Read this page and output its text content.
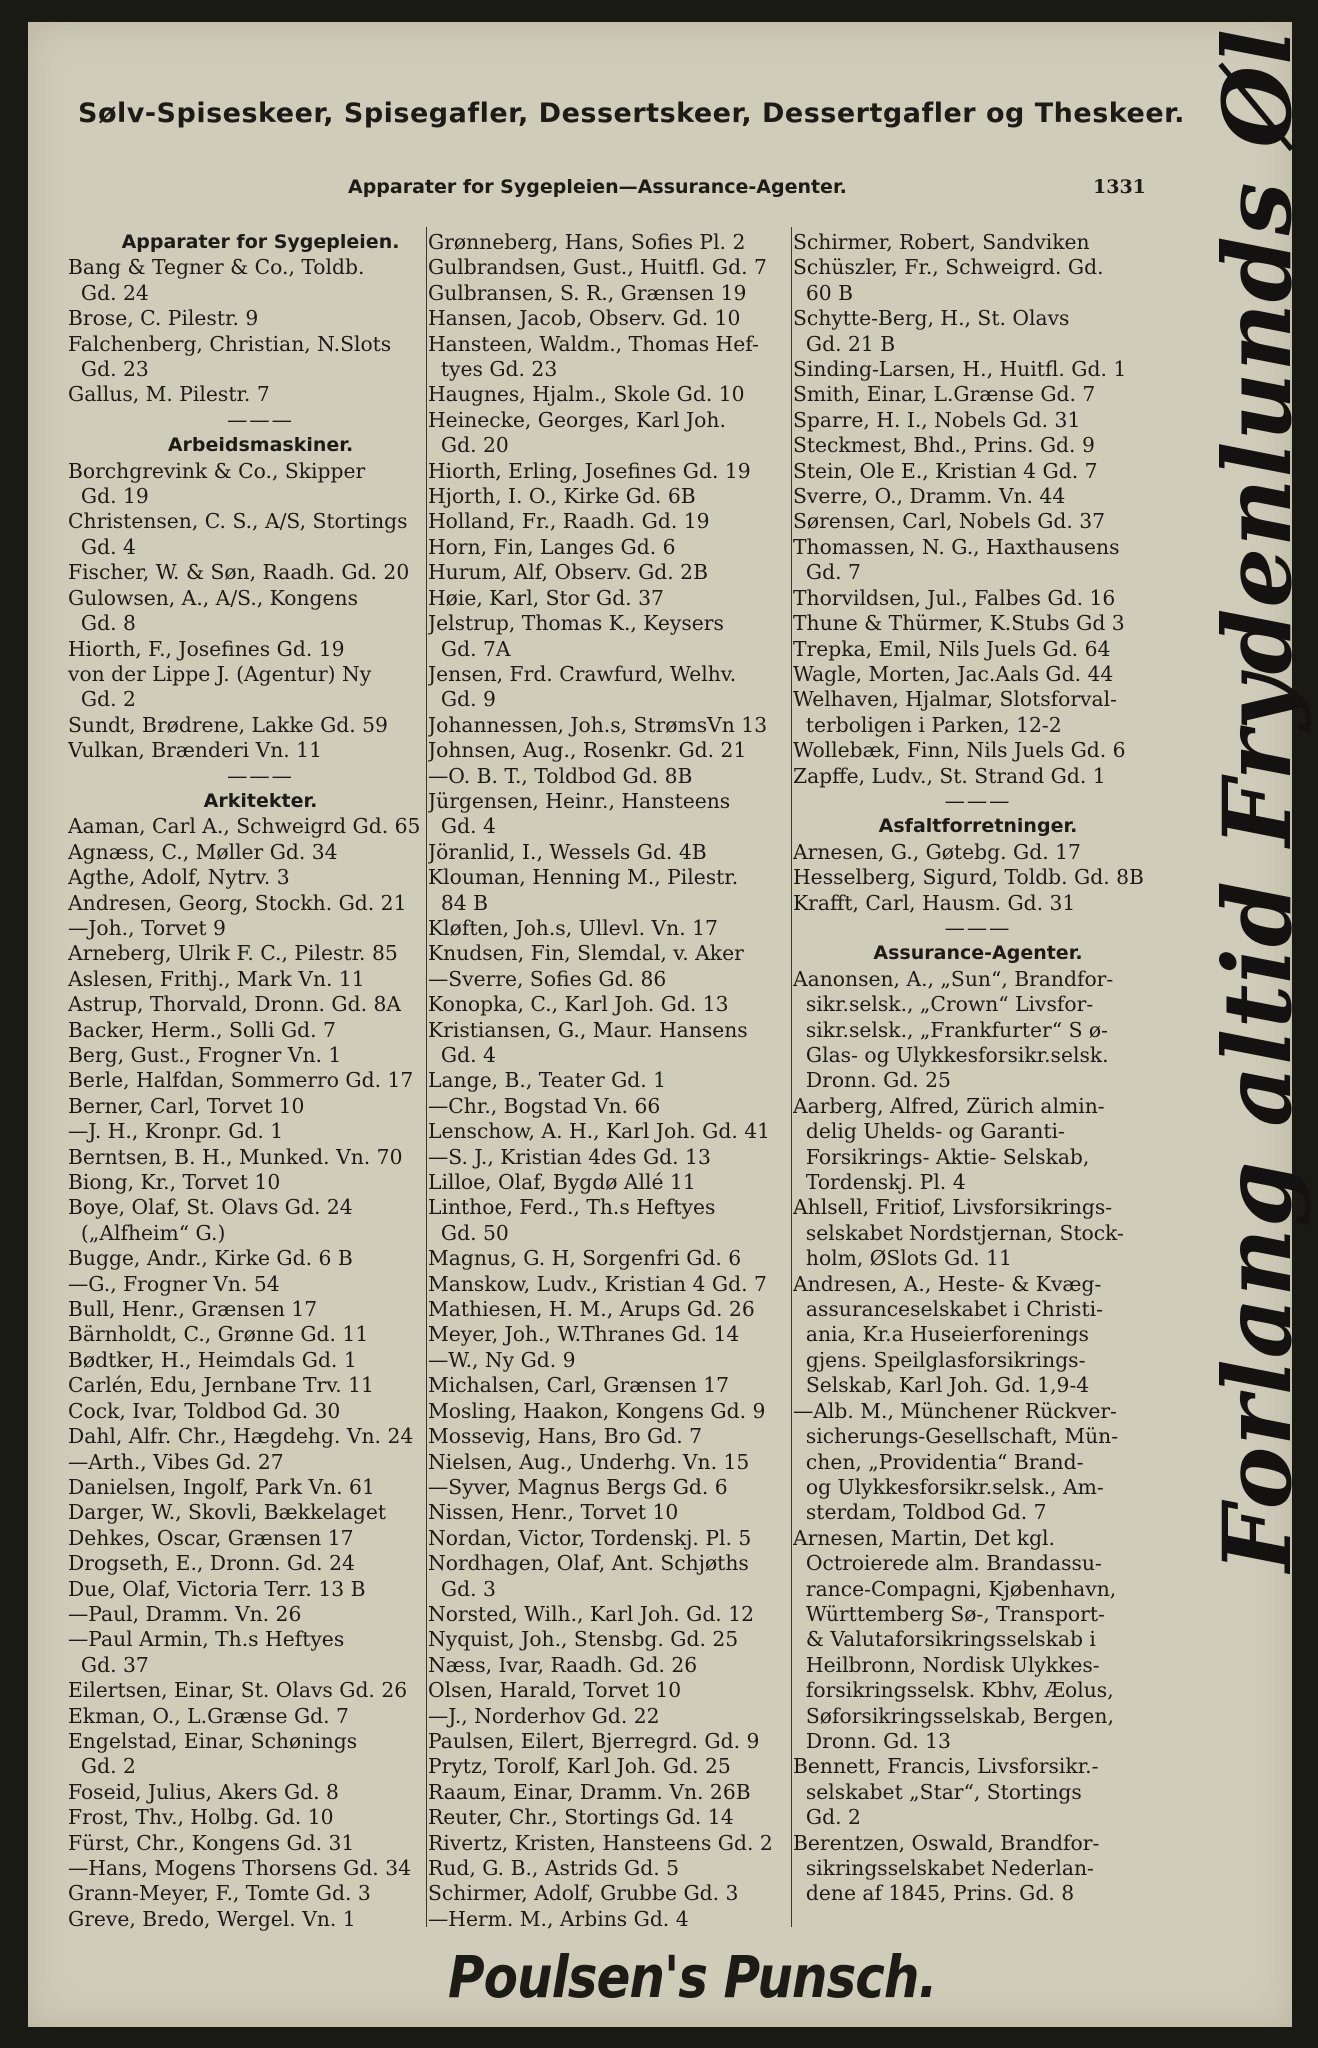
Sølv-Spiseskeer, Spisegafler, Dessertskeer, Dessertgafler og Theskeer.
Apparater for Sygepleien—Assurance-Agenter.	1331
Apparater for Sygepleien.
Bang & Tegner & Co., Toldb.
Gd. 24
Brose, C. Pilestr. 9
Falchenberg, Christian, N.Slots
Gd. 23
Gallus, M. Pilestr. 7
———
Arbeidsmaskiner.
Borchgrevink & Co., Skipper
Gd. 19
Christensen, C. S., A/S, Stortings
Gd. 4
Fischer, W. & Søn, Raadh. Gd. 20
Gulowsen, A., A/S., Kongens
Gd. 8
Hiorth, F., Josefines Gd. 19
von der Lippe J. (Agentur) Ny
Gd. 2
Sundt, Brødrene, Lakke Gd. 59
Vulkan, Brænderi Vn. 11
———
Arkitekter.
Aaman, Carl A., Schweigrd Gd. 65
Agnæss, C., Møller Gd. 34
Agthe, Adolf, Nytrv. 3
Andresen, Georg, Stockh. Gd. 21
—Joh., Torvet 9
Arneberg, Ulrik F. C., Pilestr. 85
Aslesen, Frithj., Mark Vn. 11
Astrup, Thorvald, Dronn. Gd. 8A
Backer, Herm., Solli Gd. 7
Berg, Gust., Frogner Vn. 1
Berle, Halfdan, Sommerro Gd. 17
Berner, Carl, Torvet 10
—J. H., Kronpr. Gd. 1
Berntsen, B. H., Munked. Vn. 70
Biong, Kr., Torvet 10
Boye, Olaf, St. Olavs Gd. 24
(„Alfheim“ G.)
Bugge, Andr., Kirke Gd. 6 B
—G., Frogner Vn. 54
Bull, Henr., Grænsen 17
Bärnholdt, C., Grønne Gd. 11
Bødtker, H., Heimdals Gd. 1
Carlén, Edu, Jernbane Trv. 11
Cock, Ivar, Toldbod Gd. 30
Dahl, Alfr. Chr., Hægdehg. Vn. 24
—Arth., Vibes Gd. 27
Danielsen, Ingolf, Park Vn. 61
Darger, W., Skovli, Bækkelaget
Dehkes, Oscar, Grænsen 17
Drogseth, E., Dronn. Gd. 24
Due, Olaf, Victoria Terr. 13 B
—Paul, Dramm. Vn. 26
—Paul Armin, Th.s Heftyes
Gd. 37
Eilertsen, Einar, St. Olavs Gd. 26
Ekman, O., L.Grænse Gd. 7
Engelstad, Einar, Schønings
Gd. 2
Foseid, Julius, Akers Gd. 8
Frost, Thv., Holbg. Gd. 10
Fürst, Chr., Kongens Gd. 31
—Hans, Mogens Thorsens Gd. 34
Grann-Meyer, F., Tomte Gd. 3
Greve, Bredo, Wergel. Vn. 1
Grønneberg, Hans, Sofies Pl. 2
Gulbrandsen, Gust., Huitfl. Gd. 7
Gulbransen, S. R., Grænsen 19
Hansen, Jacob, Observ. Gd. 10
Hansteen, Waldm., Thomas Hef-
tyes Gd. 23
Haugnes, Hjalm., Skole Gd. 10
Heinecke, Georges, Karl Joh.
Gd. 20
Hiorth, Erling, Josefines Gd. 19
Hjorth, I. O., Kirke Gd. 6B
Holland, Fr., Raadh. Gd. 19
Horn, Fin, Langes Gd. 6
Hurum, Alf, Observ. Gd. 2B
Høie, Karl, Stor Gd. 37
Jelstrup, Thomas K., Keysers
Gd. 7A
Jensen, Frd. Crawfurd, Welhv.
Gd. 9
Johannessen, Joh.s, StrømsVn 13
Johnsen, Aug., Rosenkr. Gd. 21
—O. B. T., Toldbod Gd. 8B
Jürgensen, Heinr., Hansteens
Gd. 4
Jöranlid, I., Wessels Gd. 4B
Klouman, Henning M., Pilestr.
84 B
Kløften, Joh.s, Ullevl. Vn. 17
Knudsen, Fin, Slemdal, v. Aker
—Sverre, Sofies Gd. 86
Konopka, C., Karl Joh. Gd. 13
Kristiansen, G., Maur. Hansens
Gd. 4
Lange, B., Teater Gd. 1
—Chr., Bogstad Vn. 66
Lenschow, A. H., Karl Joh. Gd. 41
—S. J., Kristian 4des Gd. 13
Lilloe, Olaf, Bygdø Allé 11
Linthoe, Ferd., Th.s Heftyes
Gd. 50
Magnus, G. H, Sorgenfri Gd. 6
Manskow, Ludv., Kristian 4 Gd. 7
Mathiesen, H. M., Arups Gd. 26
Meyer, Joh., W.Thranes Gd. 14
—W., Ny Gd. 9
Michalsen, Carl, Grænsen 17
Mosling, Haakon, Kongens Gd. 9
Mossevig, Hans, Bro Gd. 7
Nielsen, Aug., Underhg. Vn. 15
—Syver, Magnus Bergs Gd. 6
Nissen, Henr., Torvet 10
Nordan, Victor, Tordenskj. Pl. 5
Nordhagen, Olaf, Ant. Schjøths
Gd. 3
Norsted, Wilh., Karl Joh. Gd. 12
Nyquist, Joh., Stensbg. Gd. 25
Næss, Ivar, Raadh. Gd. 26
Olsen, Harald, Torvet 10
—J., Norderhov Gd. 22
Paulsen, Eilert, Bjerregrd. Gd. 9
Prytz, Torolf, Karl Joh. Gd. 25
Raaum, Einar, Dramm. Vn. 26B
Reuter, Chr., Stortings Gd. 14
Rivertz, Kristen, Hansteens Gd. 2
Rud, G. B., Astrids Gd. 5
Schirmer, Adolf, Grubbe Gd. 3
—Herm. M., Arbins Gd. 4
Schirmer, Robert, Sandviken
Schüszler, Fr., Schweigrd. Gd.
60 B
Schytte-Berg, H., St. Olavs
Gd. 21 B
Sinding-Larsen, H., Huitfl. Gd. 1
Smith, Einar, L.Grænse Gd. 7
Sparre, H. I., Nobels Gd. 31
Steckmest, Bhd., Prins. Gd. 9
Stein, Ole E., Kristian 4 Gd. 7
Sverre, O., Dramm. Vn. 44
Sørensen, Carl, Nobels Gd. 37
Thomassen, N. G., Haxthausens
Gd. 7
Thorvildsen, Jul., Falbes Gd. 16
Thune & Thürmer, K.Stubs Gd 3
Trepka, Emil, Nils Juels Gd. 64
Wagle, Morten, Jac.Aals Gd. 44
Welhaven, Hjalmar, Slotsforval-
terboligen i Parken, 12-2
Wollebæk, Finn, Nils Juels Gd. 6
Zapffe, Ludv., St. Strand Gd. 1
———
Asfaltforretninger.
Arnesen, G., Gøtebg. Gd. 17
Hesselberg, Sigurd, Toldb. Gd. 8B
Krafft, Carl, Hausm. Gd. 31
———
Assurance-Agenter.
Aanonsen, A., „Sun“, Brandfor-
sikr.selsk., „Crown“ Livsfor-
sikr.selsk., „Frankfurter“ S ø-
Glas- og Ulykkesforsikr.selsk.
Dronn. Gd. 25
Aarberg, Alfred, Zürich almin-
delig Uhelds- og Garanti-
Forsikrings- Aktie- Selskab,
Tordenskj. Pl. 4
Ahlsell, Fritiof, Livsforsikrings-
selskabet Nordstjernan, Stock-
holm, ØSlots Gd. 11
Andresen, A., Heste- & Kvæg-
assuranceselskabet i Christi-
ania, Kr.a Huseierforenings
gjens. Speilglasforsikrings-
Selskab, Karl Joh. Gd. 1,9-4
—Alb. M., Münchener Rückver-
sicherungs-Gesellschaft, Mün-
chen, „Providentia“ Brand-
og Ulykkesforsikr.selsk., Am-
sterdam, Toldbod Gd. 7
Arnesen, Martin, Det kgl.
Octroierede alm. Brandassu-
rance-Compagni, Kjøbenhavn,
Württemberg Sø-, Transport-
& Valutaforsikringsselskab i
Heilbronn, Nordisk Ulykkes-
forsikringsselsk. Kbhv, Æolus,
Søforsikringsselskab, Bergen,
Dronn. Gd. 13
Bennett, Francis, Livsforsikr.-
selskabet „Star“, Stortings
Gd. 2
Berentzen, Oswald, Brandfor-
sikringsselskabet Nederlan-
dene af 1845, Prins. Gd. 8
Forlang altid Frydenlunds Øl
Poulsen's Punsch.
